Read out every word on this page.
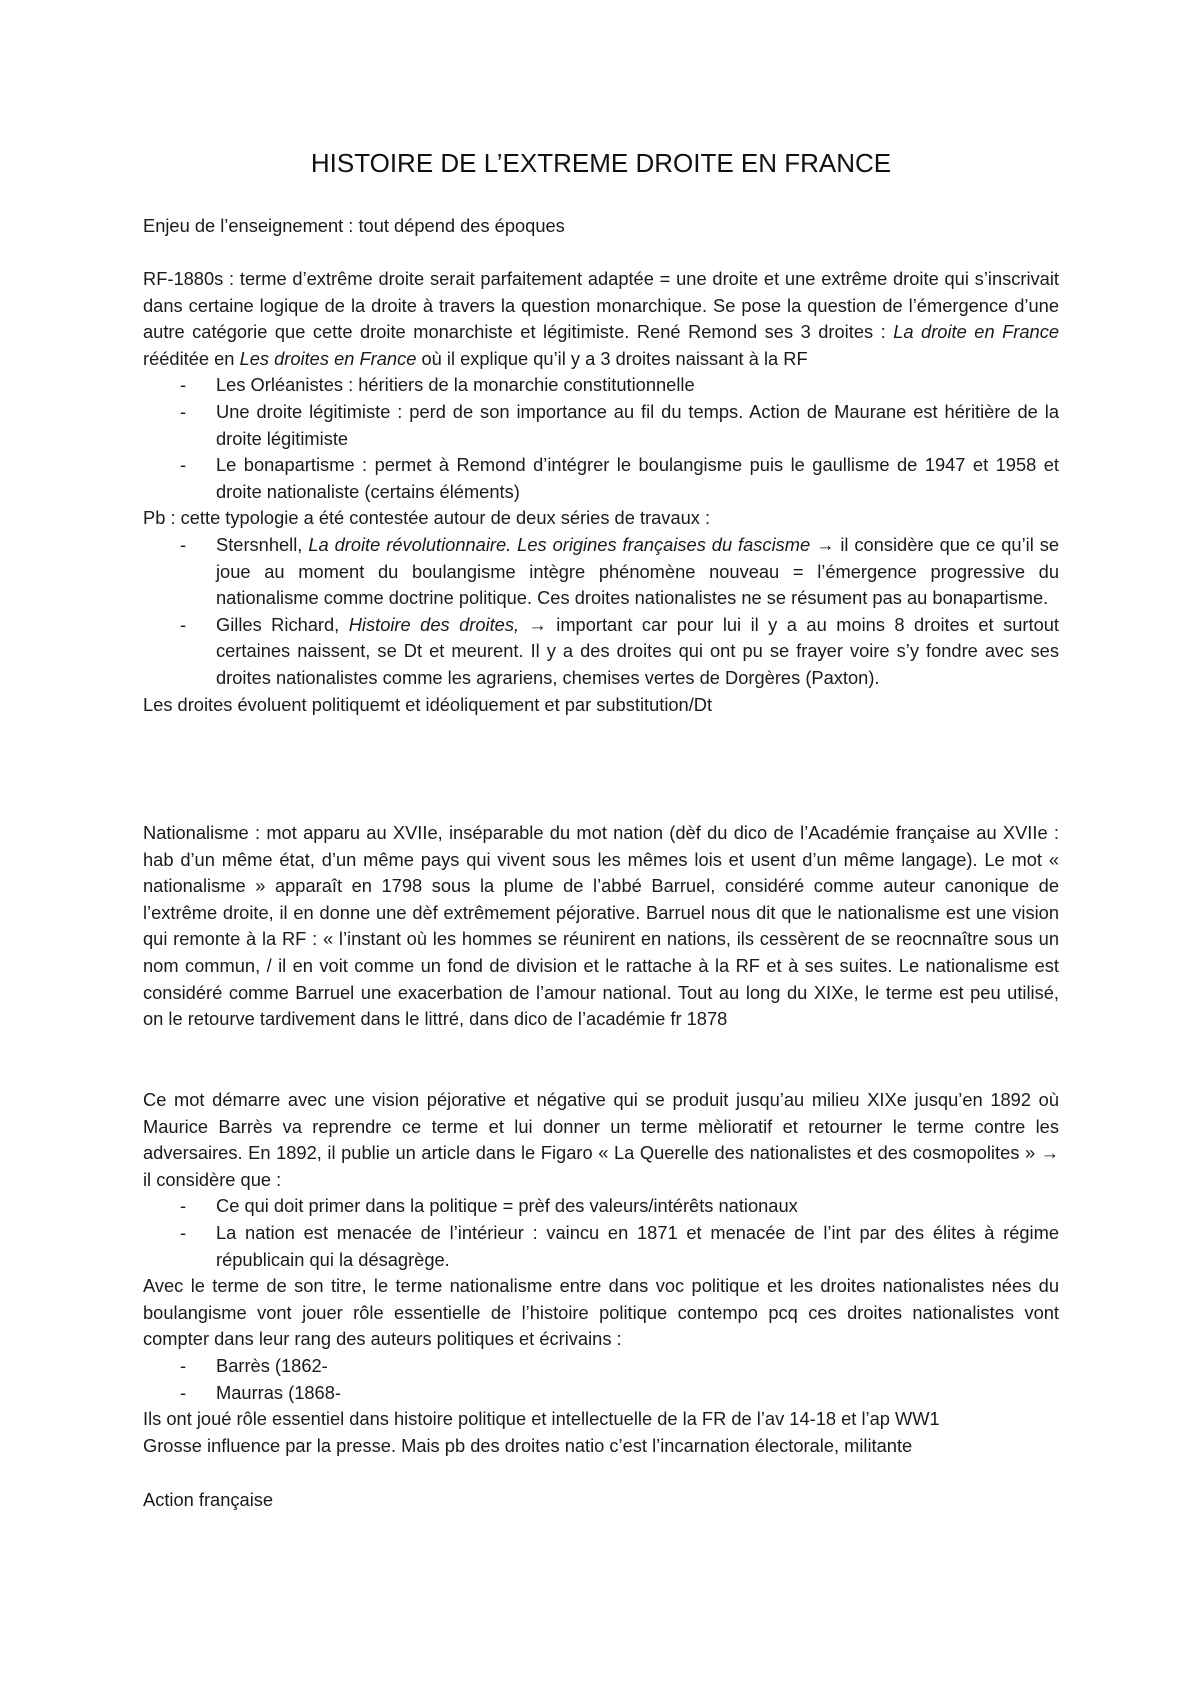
HISTOIRE DE L’EXTREME DROITE EN FRANCE

Enjeu de l’enseignement : tout dépend des époques

RF-1880s : terme d’extrême droite serait parfaitement adaptée = une droite et une extrême droite qui s’inscrivait dans certaine logique de la droite à travers la question monarchique. Se pose la question de l’émergence d’une autre catégorie que cette droite monarchiste et légitimiste. René Remond ses 3 droites : La droite en France rééditée en Les droites en France où il explique qu’il y a 3 droites naissant à la RF

- Les Orléanistes : héritiers de la monarchie constitutionnelle
- Une droite légitimiste : perd de son importance au fil du temps. Action de Maurane est héritière de la droite légitimiste
- Le bonapartisme : permet à Remond d’intégrer le boulangisme puis le gaullisme de 1947 et 1958 et droite nationaliste (certains éléments)

Pb : cette typologie a été contestée autour de deux séries de travaux :

- Stersnhell, La droite révolutionnaire. Les origines françaises du fascisme → il considère que ce qu’il se joue au moment du boulangisme intègre phénomène nouveau = l’émergence progressive du nationalisme comme doctrine politique. Ces droites nationalistes ne se résument pas au bonapartisme.
- Gilles Richard, Histoire des droites, → important car pour lui il y a au moins 8 droites et surtout certaines naissent, se Dt et meurent. Il y a des droites qui ont pu se frayer voire s’y fondre avec ses droites nationalistes comme les agrariens, chemises vertes de Dorgères (Paxton).

Les droites évoluent politiquemt et idéoliquement et par substitution/Dt

Nationalisme : mot apparu au XVIIe, inséparable du mot nation (dèf du dico de l’Académie française au XVIIe : hab d’un même état, d’un même pays qui vivent sous les mêmes lois et usent d’un même langage). Le mot « nationalisme » apparaît en 1798 sous la plume de l’abbé Barruel, considéré comme auteur canonique de l’extrême droite, il en donne une dèf extrêmement péjorative. Barruel nous dit que le nationalisme est une vision qui remonte à la RF : « l’instant où les hommes se réunirent en nations, ils cessèrent de se reocnnaître sous un nom commun, / il en voit comme un fond de division et le rattache à la RF et à ses suites. Le nationalisme est considéré comme Barruel une exacerbation de l’amour national. Tout au long du XIXe, le terme est peu utilisé, on le retourve tardivement dans le littré, dans dico de l’académie fr 1878

Ce mot démarre avec une vision péjorative et négative qui se produit jusqu’au milieu XIXe jusqu’en 1892 où Maurice Barrès va reprendre ce terme et lui donner un terme mèlioratif et retourner le terme contre les adversaires. En 1892, il publie un article dans le Figaro « La Querelle des nationalistes et des cosmopolites » → il considère que :

- Ce qui doit primer dans la politique = prèf des valeurs/intérêts nationaux
- La nation est menacée de l’intérieur : vaincu en 1871 et menacée de l’int par des élites à régime républicain qui la désagrège.

Avec le terme de son titre, le terme nationalisme entre dans voc politique et les droites nationalistes nées du boulangisme vont jouer rôle essentielle de l’histoire politique contempo pcq ces droites nationalistes vont compter dans leur rang des auteurs politiques et écrivains :

- Barrès (1862-
- Maurras (1868-

Ils ont joué rôle essentiel dans histoire politique et intellectuelle de la FR de l’av 14-18 et l’ap WW1

Grosse influence par la presse. Mais pb des droites natio c’est l’incarnation électorale, militante

Action française
